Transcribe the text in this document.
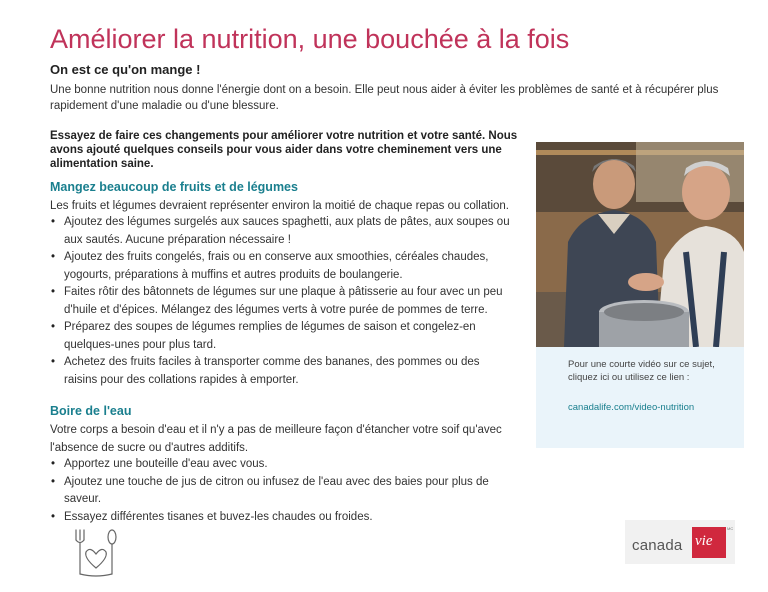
Améliorer la nutrition, une bouchée à la fois
On est ce qu'on mange !
Une bonne nutrition nous donne l'énergie dont on a besoin. Elle peut nous aider à éviter les problèmes de santé et à récupérer plus rapidement d'une maladie ou d'une blessure.
Essayez de faire ces changements pour améliorer votre nutrition et votre santé. Nous avons ajouté quelques conseils pour vous aider dans votre cheminement vers une alimentation saine.
Mangez beaucoup de fruits et de légumes
Les fruits et légumes devraient représenter environ la moitié de chaque repas ou collation.
• Ajoutez des légumes surgelés aux sauces spaghetti, aux plats de pâtes, aux soupes ou aux sautés. Aucune préparation nécessaire !
• Ajoutez des fruits congelés, frais ou en conserve aux smoothies, céréales chaudes, yogourts, préparations à muffins et autres produits de boulangerie.
• Faites rôtir des bâtonnets de légumes sur une plaque à pâtisserie au four avec un peu d'huile et d'épices. Mélangez des légumes verts à votre purée de pommes de terre.
• Préparez des soupes de légumes remplies de légumes de saison et congelez-en quelques-unes pour plus tard.
• Achetez des fruits faciles à transporter comme des bananes, des pommes ou des raisins pour des collations rapides à emporter.
Boire de l'eau
Votre corps a besoin d'eau et il n'y a pas de meilleure façon d'étancher votre soif qu'avec l'absence de sucre ou d'autres additifs.
• Apportez une bouteille d'eau avec vous.
• Ajoutez une touche de jus de citron ou infusez de l'eau avec des baies pour plus de saveur.
• Essayez différentes tisanes et buvez-les chaudes ou froides.
Pour une courte vidéo sur ce sujet, cliquez ici ou utilisez ce lien :
canadalife.com/video-nutrition
canada vie
MC
